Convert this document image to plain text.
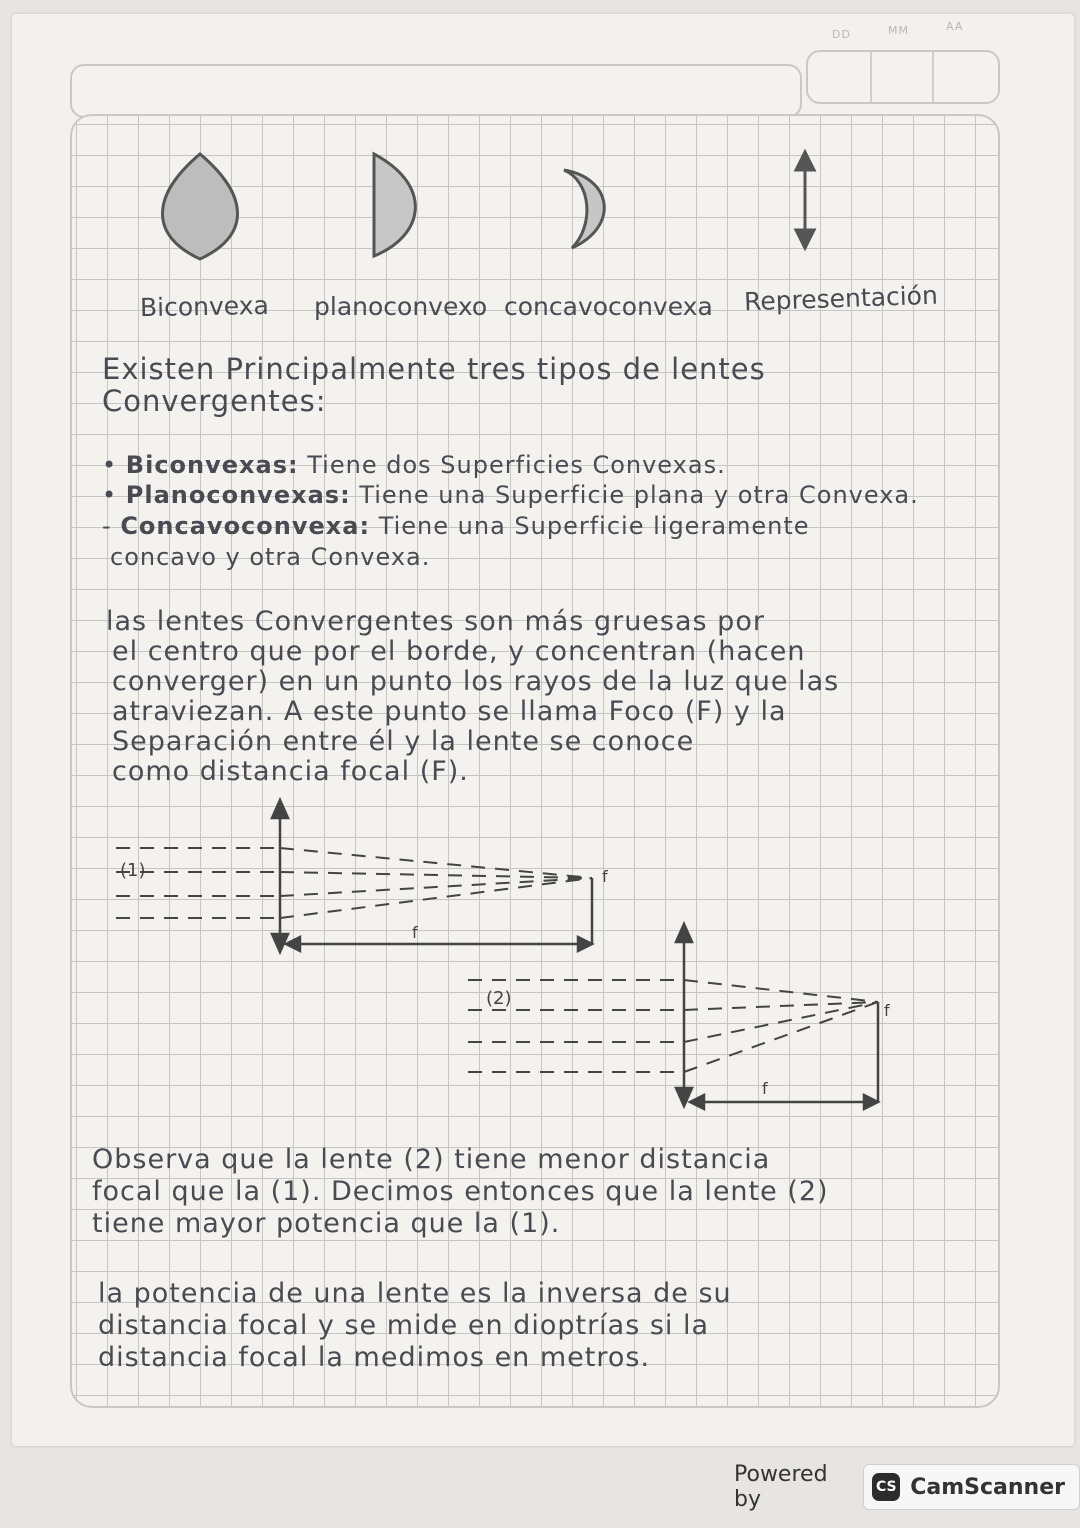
DD	MM	AA
Biconvexa planoconvexo concavoconvexa Representación
Existen Principalmente tres tipos de lentes
Convergentes:
• Biconvexas: Tiene dos Superficies Convexas.
• Planoconvexas: Tiene una Superficie plana y otra Convexa.
- Concavoconvexa: Tiene una Superficie ligeramente
concavo y otra Convexa.
las lentes Convergentes son más gruesas por
el centro que por el borde, y concentran (hacen
converger) en un punto los rayos de la luz que las
atraviezan. A este punto se llama Foco (F) y la
Separación entre él y la lente se conoce
como distancia focal (F).
(1)	f
f
(2)
f
f
Observa que la lente (2) tiene menor distancia
focal que la (1). Decimos entonces que la lente (2)
tiene mayor potencia que la (1).
la potencia de una lente es la inversa de su
distancia focal y se mide en dioptrías si la
distancia focal la medimos en metros.
Powered by	CS CamScanner
